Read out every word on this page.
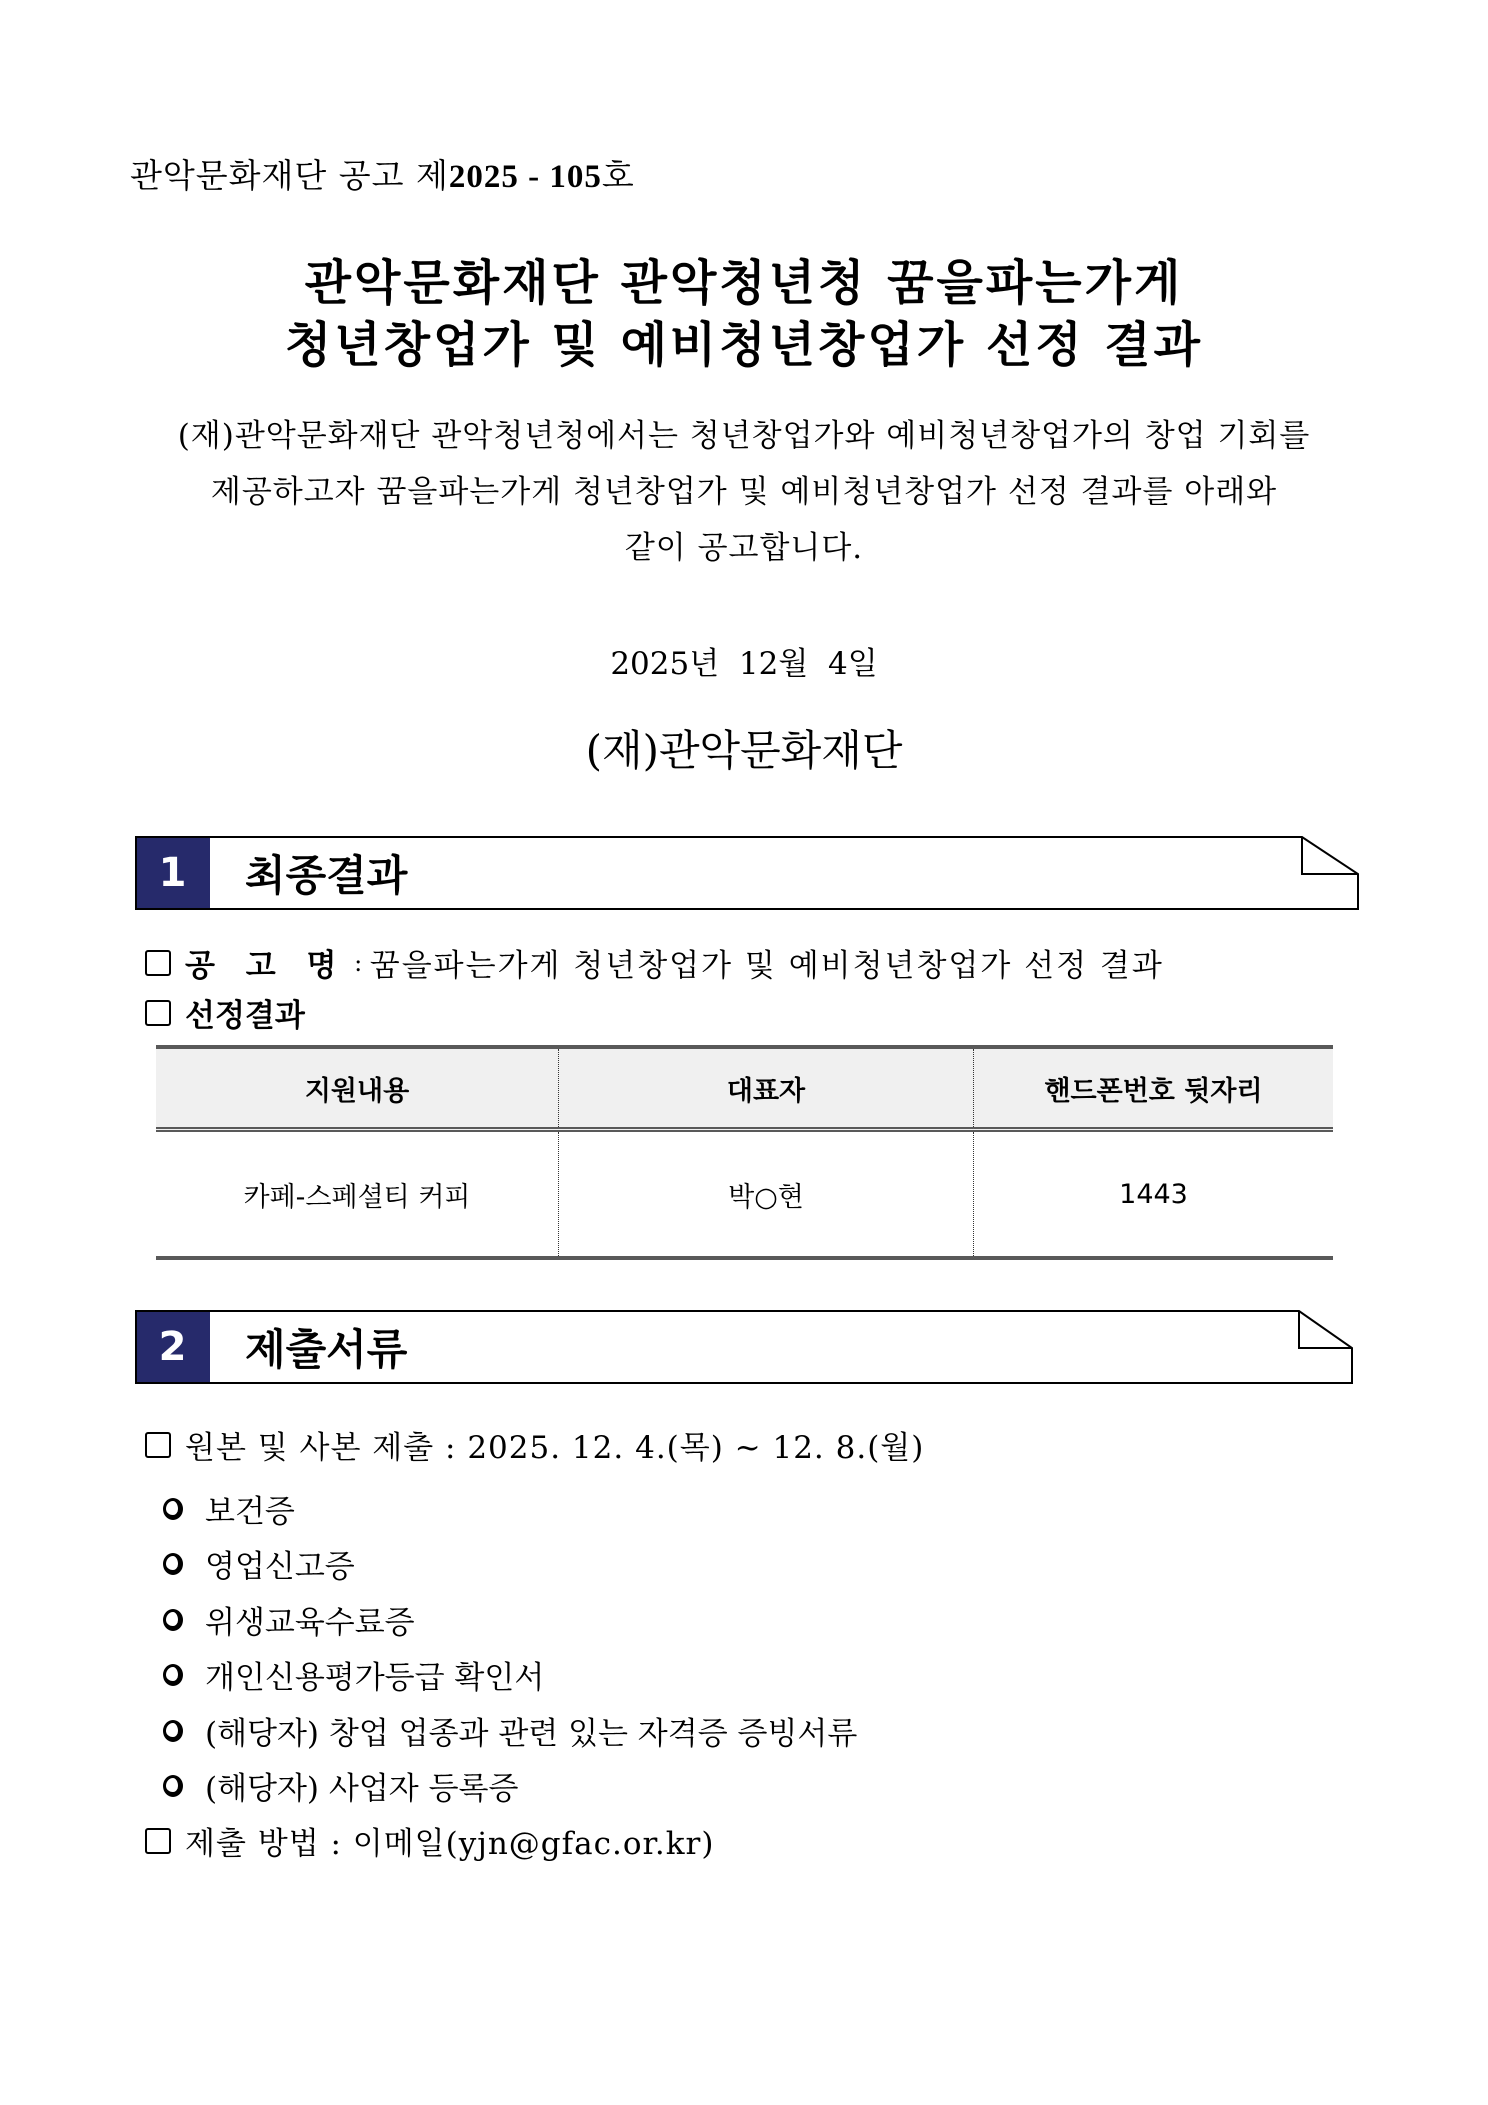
관악문화재단 공고 제2025 - 105호
관악문화재단 관악청년청 꿈을파는가게
청년창업가 및 예비청년창업가 선정 결과
(재)관악문화재단 관악청년청에서는 청년창업가와 예비청년창업가의 창업 기회를
제공하고자 꿈을파는가게 청년창업가 및 예비청년창업가 선정 결과를 아래와
같이 공고합니다.
2025년  12월  4일
(재)관악문화재단
1	최종결과
공 고 명 : 꿈을파는가게 청년창업가 및 예비청년창업가 선정 결과
선정결과
지원내용	대표자	핸드폰번호 뒷자리
카페-스페셜티 커피	박○현	1443
2	제출서류
원본 및 사본 제출 : 2025. 12. 4.(목) ~ 12. 8.(월)
보건증
영업신고증
위생교육수료증
개인신용평가등급 확인서
(해당자) 창업 업종과 관련 있는 자격증 증빙서류
(해당자) 사업자 등록증
제출 방법 : 이메일(yjn@gfac.or.kr)
